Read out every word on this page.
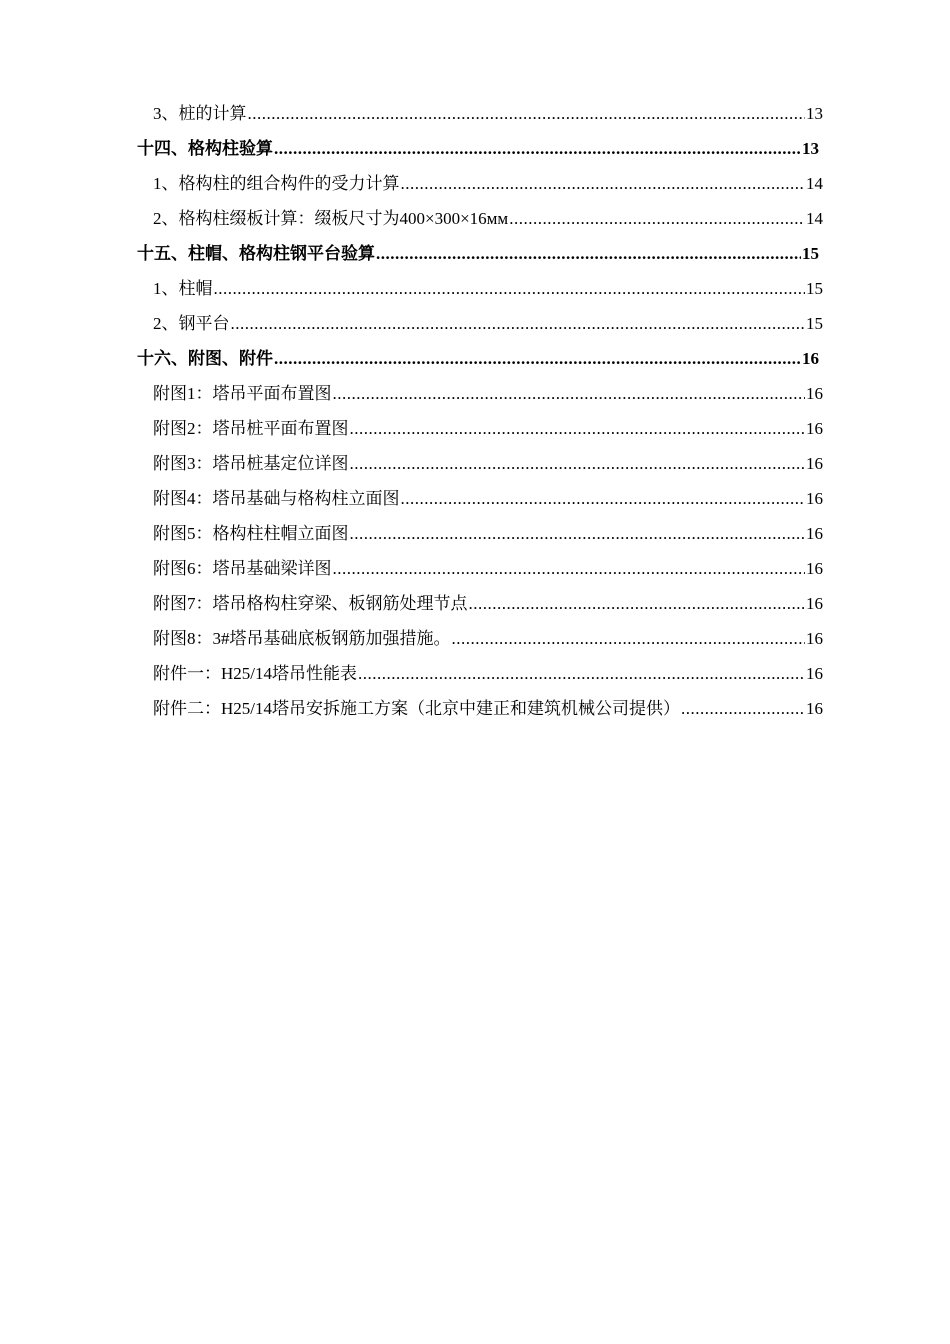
3、桩的计算 .....	13
十四、格构柱验算 .....	13
1、格构柱的组合构件的受力计算 .....	14
2、格构柱缀板计算：缀板尺寸为400×300×16мм .....	14
十五、柱帽、格构柱钢平台验算 .....	15
1、柱帽 .....	15
2、钢平台 .....	15
十六、附图、附件 .....	16
附图1：塔吊平面布置图 .....	16
附图2：塔吊桩平面布置图 .....	16
附图3：塔吊桩基定位详图 .....	16
附图4：塔吊基础与格构柱立面图 .....	16
附图5：格构柱柱帽立面图 .....	16
附图6：塔吊基础梁详图 .....	16
附图7：塔吊格构柱穿梁、板钢筋处理节点 .....	16
附图8：3#塔吊基础底板钢筋加强措施。 .....	16
附件一：H25/14塔吊性能表 .....	16
附件二：H25/14塔吊安拆施工方案（北京中建正和建筑机械公司提供） .....	16
